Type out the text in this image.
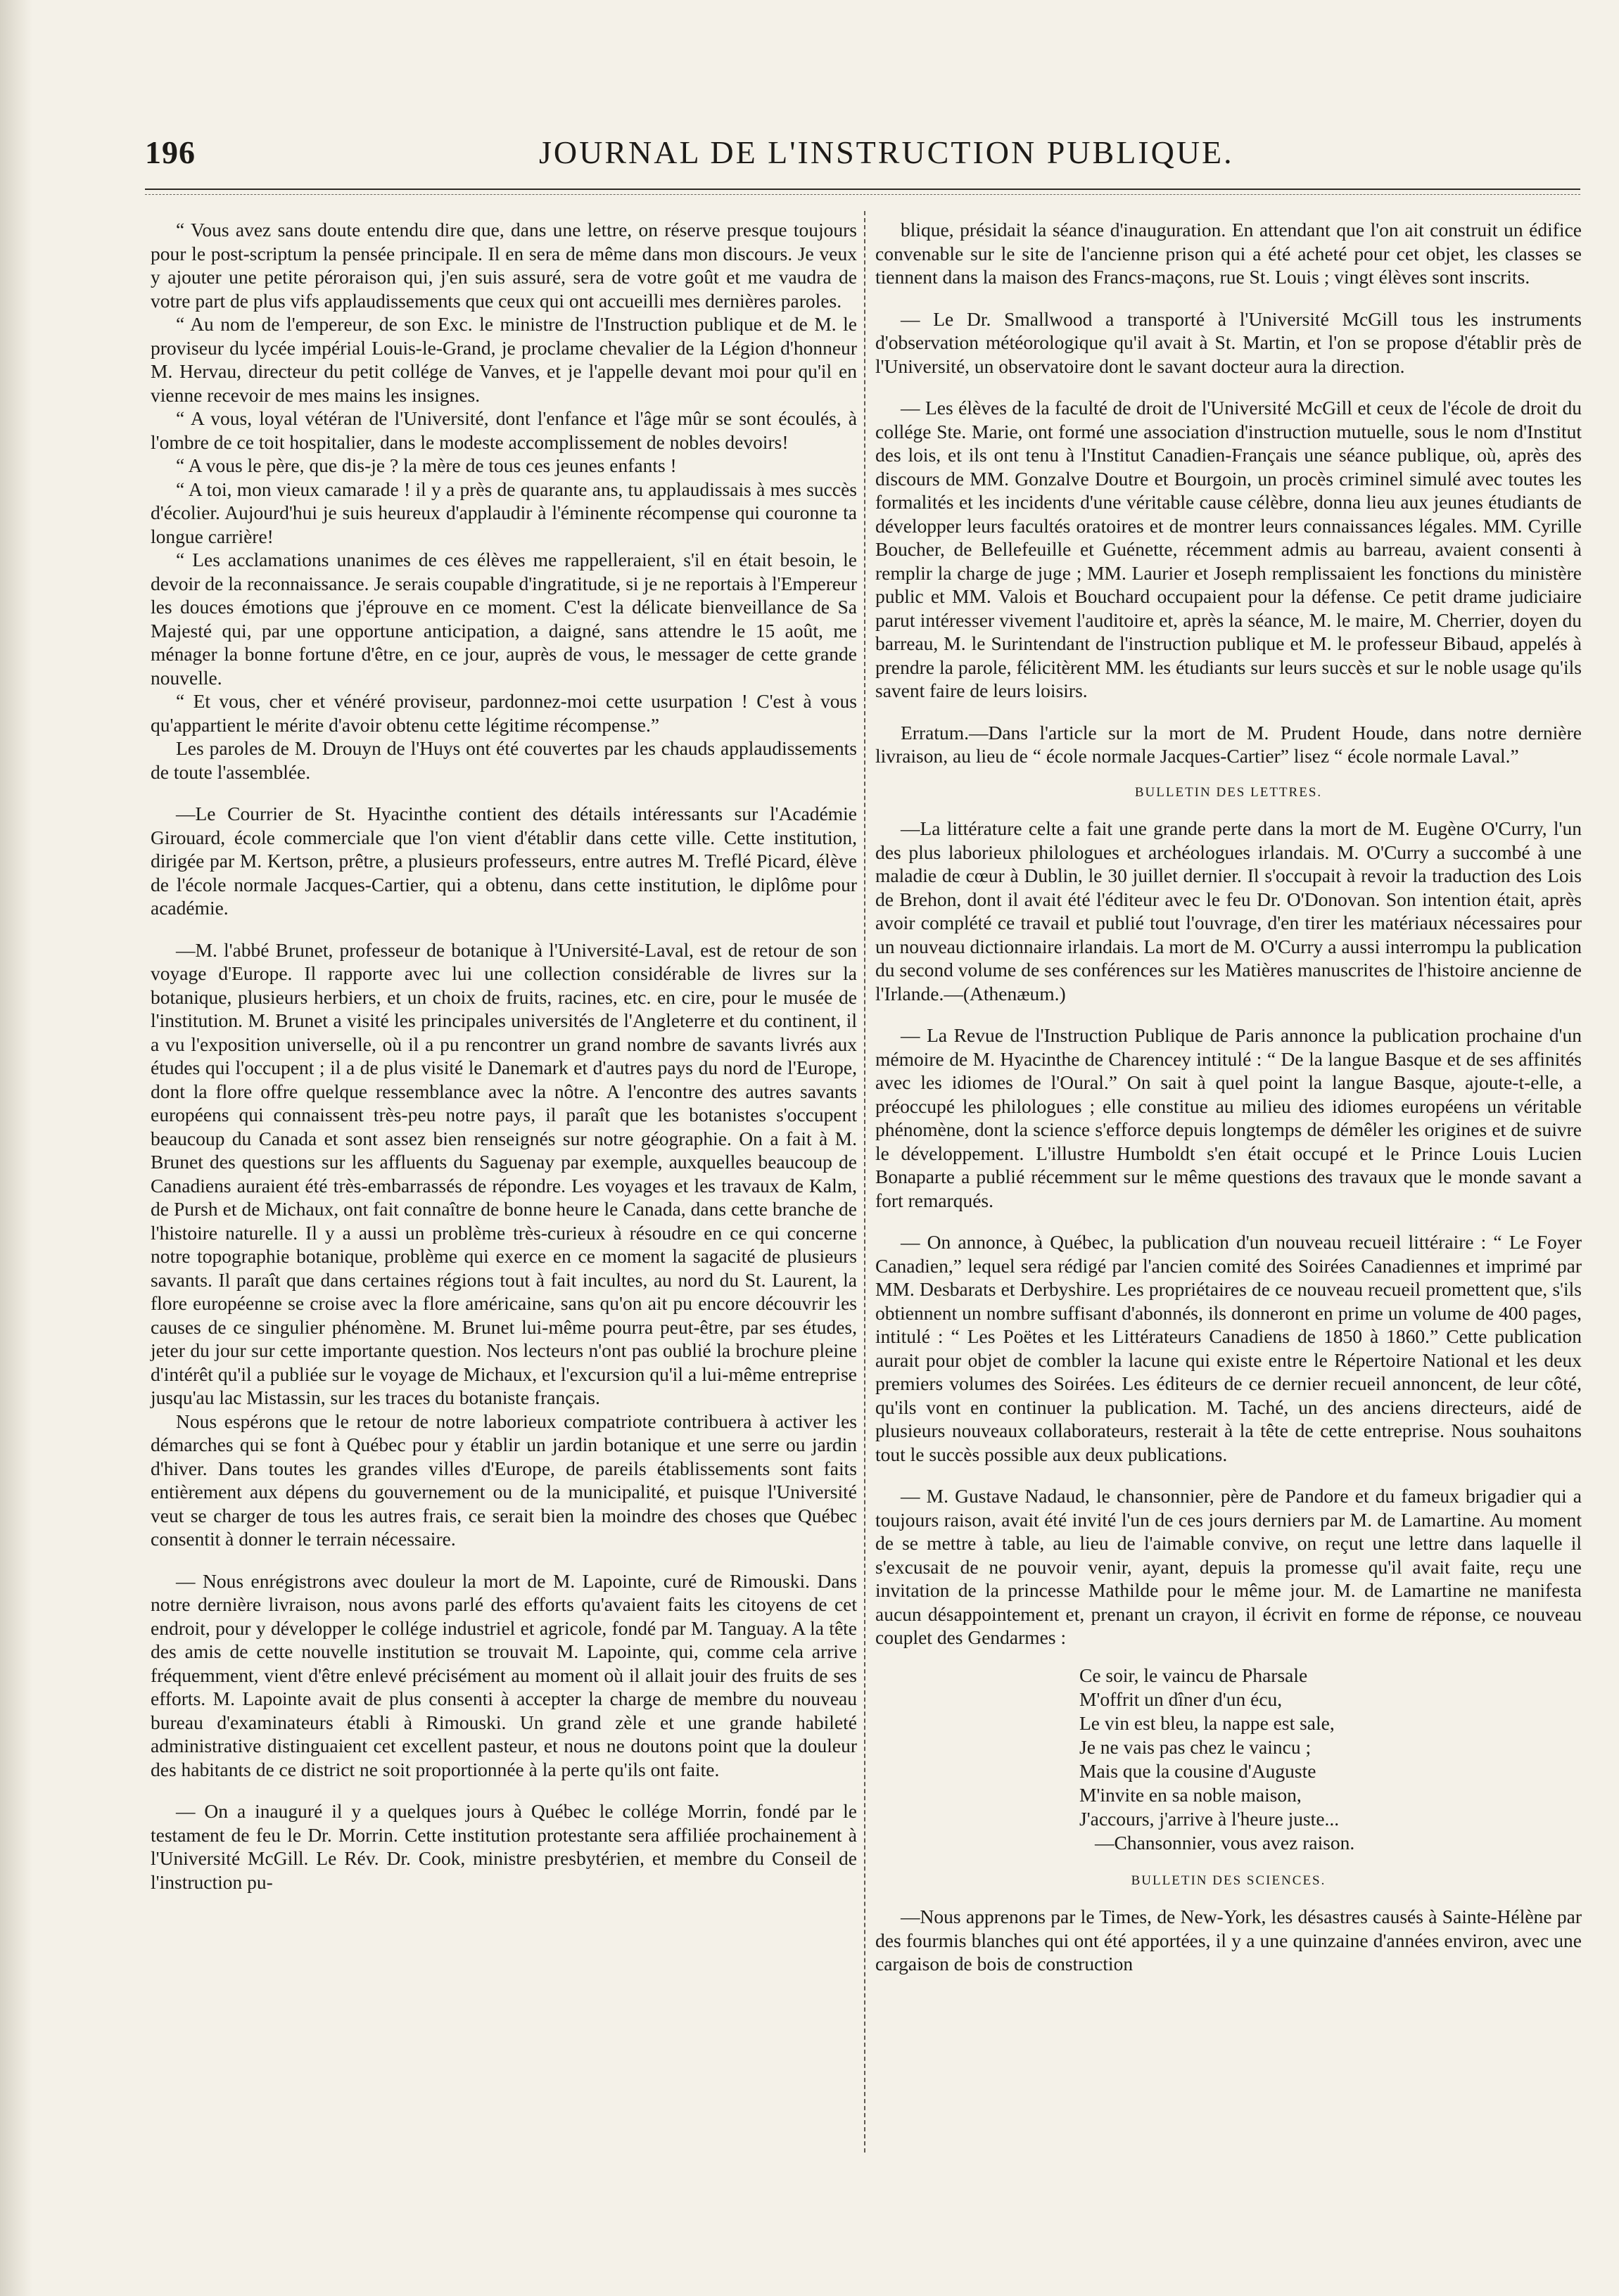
196	JOURNAL DE L'INSTRUCTION PUBLIQUE.

“ Vous avez sans doute entendu dire que, dans une lettre, on réserve presque toujours pour le post-scriptum la pensée principale. Il en sera de même dans mon discours. Je veux y ajouter une petite péroraison qui, j'en suis assuré, sera de votre goût et me vaudra de votre part de plus vifs applaudissements que ceux qui ont accueilli mes dernières paroles.

“ Au nom de l'empereur, de son Exc. le ministre de l'Instruction publique et de M. le proviseur du lycée impérial Louis-le-Grand, je proclame chevalier de la Légion d'honneur M. Hervau, directeur du petit collége de Vanves, et je l'appelle devant moi pour qu'il en vienne recevoir de mes mains les insignes.

“ A vous, loyal vétéran de l'Université, dont l'enfance et l'âge mûr se sont écoulés, à l'ombre de ce toit hospitalier, dans le modeste accomplissement de nobles devoirs!

“ A vous le père, que dis-je ? la mère de tous ces jeunes enfants !

“ A toi, mon vieux camarade ! il y a près de quarante ans, tu applaudissais à mes succès d'écolier. Aujourd'hui je suis heureux d'applaudir à l'éminente récompense qui couronne ta longue carrière!

“ Les acclamations unanimes de ces élèves me rappelleraient, s'il en était besoin, le devoir de la reconnaissance. Je serais coupable d'ingratitude, si je ne reportais à l'Empereur les douces émotions que j'éprouve en ce moment. C'est la délicate bienveillance de Sa Majesté qui, par une opportune anticipation, a daigné, sans attendre le 15 août, me ménager la bonne fortune d'être, en ce jour, auprès de vous, le messager de cette grande nouvelle.

“ Et vous, cher et vénéré proviseur, pardonnez-moi cette usurpation ! C'est à vous qu'appartient le mérite d'avoir obtenu cette légitime récompense.”

Les paroles de M. Drouyn de l'Huys ont été couvertes par les chauds applaudissements de toute l'assemblée.

—Le Courrier de St. Hyacinthe contient des détails intéressants sur l'Académie Girouard, école commerciale que l'on vient d'établir dans cette ville. Cette institution, dirigée par M. Kertson, prêtre, a plusieurs professeurs, entre autres M. Treflé Picard, élève de l'école normale Jacques-Cartier, qui a obtenu, dans cette institution, le diplôme pour académie.

—M. l'abbé Brunet, professeur de botanique à l'Université-Laval, est de retour de son voyage d'Europe. Il rapporte avec lui une collection considérable de livres sur la botanique, plusieurs herbiers, et un choix de fruits, racines, etc. en cire, pour le musée de l'institution. M. Brunet a visité les principales universités de l'Angleterre et du continent, il a vu l'exposition universelle, où il a pu rencontrer un grand nombre de savants livrés aux études qui l'occupent ; il a de plus visité le Danemark et d'autres pays du nord de l'Europe, dont la flore offre quelque ressemblance avec la nôtre. A l'encontre des autres savants européens qui connaissent très-peu notre pays, il paraît que les botanistes s'occupent beaucoup du Canada et sont assez bien renseignés sur notre géographie. On a fait à M. Brunet des questions sur les affluents du Saguenay par exemple, auxquelles beaucoup de Canadiens auraient été très-embarrassés de répondre. Les voyages et les travaux de Kalm, de Pursh et de Michaux, ont fait connaître de bonne heure le Canada, dans cette branche de l'histoire naturelle. Il y a aussi un problème très-curieux à résoudre en ce qui concerne notre topographie botanique, problème qui exerce en ce moment la sagacité de plusieurs savants. Il paraît que dans certaines régions tout à fait incultes, au nord du St. Laurent, la flore européenne se croise avec la flore américaine, sans qu'on ait pu encore découvrir les causes de ce singulier phénomène. M. Brunet lui-même pourra peut-être, par ses études, jeter du jour sur cette importante question. Nos lecteurs n'ont pas oublié la brochure pleine d'intérêt qu'il a publiée sur le voyage de Michaux, et l'excursion qu'il a lui-même entreprise jusqu'au lac Mistassin, sur les traces du botaniste français.

Nous espérons que le retour de notre laborieux compatriote contribuera à activer les démarches qui se font à Québec pour y établir un jardin botanique et une serre ou jardin d'hiver. Dans toutes les grandes villes d'Europe, de pareils établissements sont faits entièrement aux dépens du gouvernement ou de la municipalité, et puisque l'Université veut se charger de tous les autres frais, ce serait bien la moindre des choses que Québec consentit à donner le terrain nécessaire.

— Nous enrégistrons avec douleur la mort de M. Lapointe, curé de Rimouski. Dans notre dernière livraison, nous avons parlé des efforts qu'avaient faits les citoyens de cet endroit, pour y développer le collége industriel et agricole, fondé par M. Tanguay. A la tête des amis de cette nouvelle institution se trouvait M. Lapointe, qui, comme cela arrive fréquemment, vient d'être enlevé précisément au moment où il allait jouir des fruits de ses efforts. M. Lapointe avait de plus consenti à accepter la charge de membre du nouveau bureau d'examinateurs établi à Rimouski. Un grand zèle et une grande habileté administrative distinguaient cet excellent pasteur, et nous ne doutons point que la douleur des habitants de ce district ne soit proportionnée à la perte qu'ils ont faite.

— On a inauguré il y a quelques jours à Québec le collége Morrin, fondé par le testament de feu le Dr. Morrin. Cette institution protestante sera affiliée prochainement à l'Université McGill. Le Rév. Dr. Cook, ministre presbytérien, et membre du Conseil de l'instruction pu-

blique, présidait la séance d'inauguration. En attendant que l'on ait construit un édifice convenable sur le site de l'ancienne prison qui a été acheté pour cet objet, les classes se tiennent dans la maison des Francs-maçons, rue St. Louis ; vingt élèves sont inscrits.

— Le Dr. Smallwood a transporté à l'Université McGill tous les instruments d'observation météorologique qu'il avait à St. Martin, et l'on se propose d'établir près de l'Université, un observatoire dont le savant docteur aura la direction.

— Les élèves de la faculté de droit de l'Université McGill et ceux de l'école de droit du collége Ste. Marie, ont formé une association d'instruction mutuelle, sous le nom d'Institut des lois, et ils ont tenu à l'Institut Canadien-Français une séance publique, où, après des discours de MM. Gonzalve Doutre et Bourgoin, un procès criminel simulé avec toutes les formalités et les incidents d'une véritable cause célèbre, donna lieu aux jeunes étudiants de développer leurs facultés oratoires et de montrer leurs connaissances légales. MM. Cyrille Boucher, de Bellefeuille et Guénette, récemment admis au barreau, avaient consenti à remplir la charge de juge ; MM. Laurier et Joseph remplissaient les fonctions du ministère public et MM. Valois et Bouchard occupaient pour la défense. Ce petit drame judiciaire parut intéresser vivement l'auditoire et, après la séance, M. le maire, M. Cherrier, doyen du barreau, M. le Surintendant de l'instruction publique et M. le professeur Bibaud, appelés à prendre la parole, félicitèrent MM. les étudiants sur leurs succès et sur le noble usage qu'ils savent faire de leurs loisirs.

Erratum.—Dans l'article sur la mort de M. Prudent Houde, dans notre dernière livraison, au lieu de “ école normale Jacques-Cartier” lisez “ école normale Laval.”

BULLETIN DES LETTRES.

—La littérature celte a fait une grande perte dans la mort de M. Eugène O'Curry, l'un des plus laborieux philologues et archéologues irlandais. M. O'Curry a succombé à une maladie de cœur à Dublin, le 30 juillet dernier. Il s'occupait à revoir la traduction des Lois de Brehon, dont il avait été l'éditeur avec le feu Dr. O'Donovan. Son intention était, après avoir complété ce travail et publié tout l'ouvrage, d'en tirer les matériaux nécessaires pour un nouveau dictionnaire irlandais. La mort de M. O'Curry a aussi interrompu la publication du second volume de ses conférences sur les Matières manuscrites de l'histoire ancienne de l'Irlande.—(Athenæum.)

— La Revue de l'Instruction Publique de Paris annonce la publication prochaine d'un mémoire de M. Hyacinthe de Charencey intitulé : “ De la langue Basque et de ses affinités avec les idiomes de l'Oural.” On sait à quel point la langue Basque, ajoute-t-elle, a préoccupé les philologues ; elle constitue au milieu des idiomes européens un véritable phénomène, dont la science s'efforce depuis longtemps de démêler les origines et de suivre le développement. L'illustre Humboldt s'en était occupé et le Prince Louis Lucien Bonaparte a publié récemment sur le même questions des travaux que le monde savant a fort remarqués.

— On annonce, à Québec, la publication d'un nouveau recueil littéraire : “ Le Foyer Canadien,” lequel sera rédigé par l'ancien comité des Soirées Canadiennes et imprimé par MM. Desbarats et Derbyshire. Les propriétaires de ce nouveau recueil promettent que, s'ils obtiennent un nombre suffisant d'abonnés, ils donneront en prime un volume de 400 pages, intitulé : “ Les Poëtes et les Littérateurs Canadiens de 1850 à 1860.” Cette publication aurait pour objet de combler la lacune qui existe entre le Répertoire National et les deux premiers volumes des Soirées. Les éditeurs de ce dernier recueil annoncent, de leur côté, qu'ils vont en continuer la publication. M. Taché, un des anciens directeurs, aidé de plusieurs nouveaux collaborateurs, resterait à la tête de cette entreprise. Nous souhaitons tout le succès possible aux deux publications.

— M. Gustave Nadaud, le chansonnier, père de Pandore et du fameux brigadier qui a toujours raison, avait été invité l'un de ces jours derniers par M. de Lamartine. Au moment de se mettre à table, au lieu de l'aimable convive, on reçut une lettre dans laquelle il s'excusait de ne pouvoir venir, ayant, depuis la promesse qu'il avait faite, reçu une invitation de la princesse Mathilde pour le même jour. M. de Lamartine ne manifesta aucun désappointement et, prenant un crayon, il écrivit en forme de réponse, ce nouveau couplet des Gendarmes :

Ce soir, le vaincu de Pharsale
M'offrit un dîner d'un écu,
Le vin est bleu, la nappe est sale,
Je ne vais pas chez le vaincu ;
Mais que la cousine d'Auguste
M'invite en sa noble maison,
J'accours, j'arrive à l'heure juste...
—Chansonnier, vous avez raison.
BULLETIN DES SCIENCES.

—Nous apprenons par le Times, de New-York, les désastres causés à Sainte-Hélène par des fourmis blanches qui ont été apportées, il y a une quinzaine d'années environ, avec une cargaison de bois de construction
